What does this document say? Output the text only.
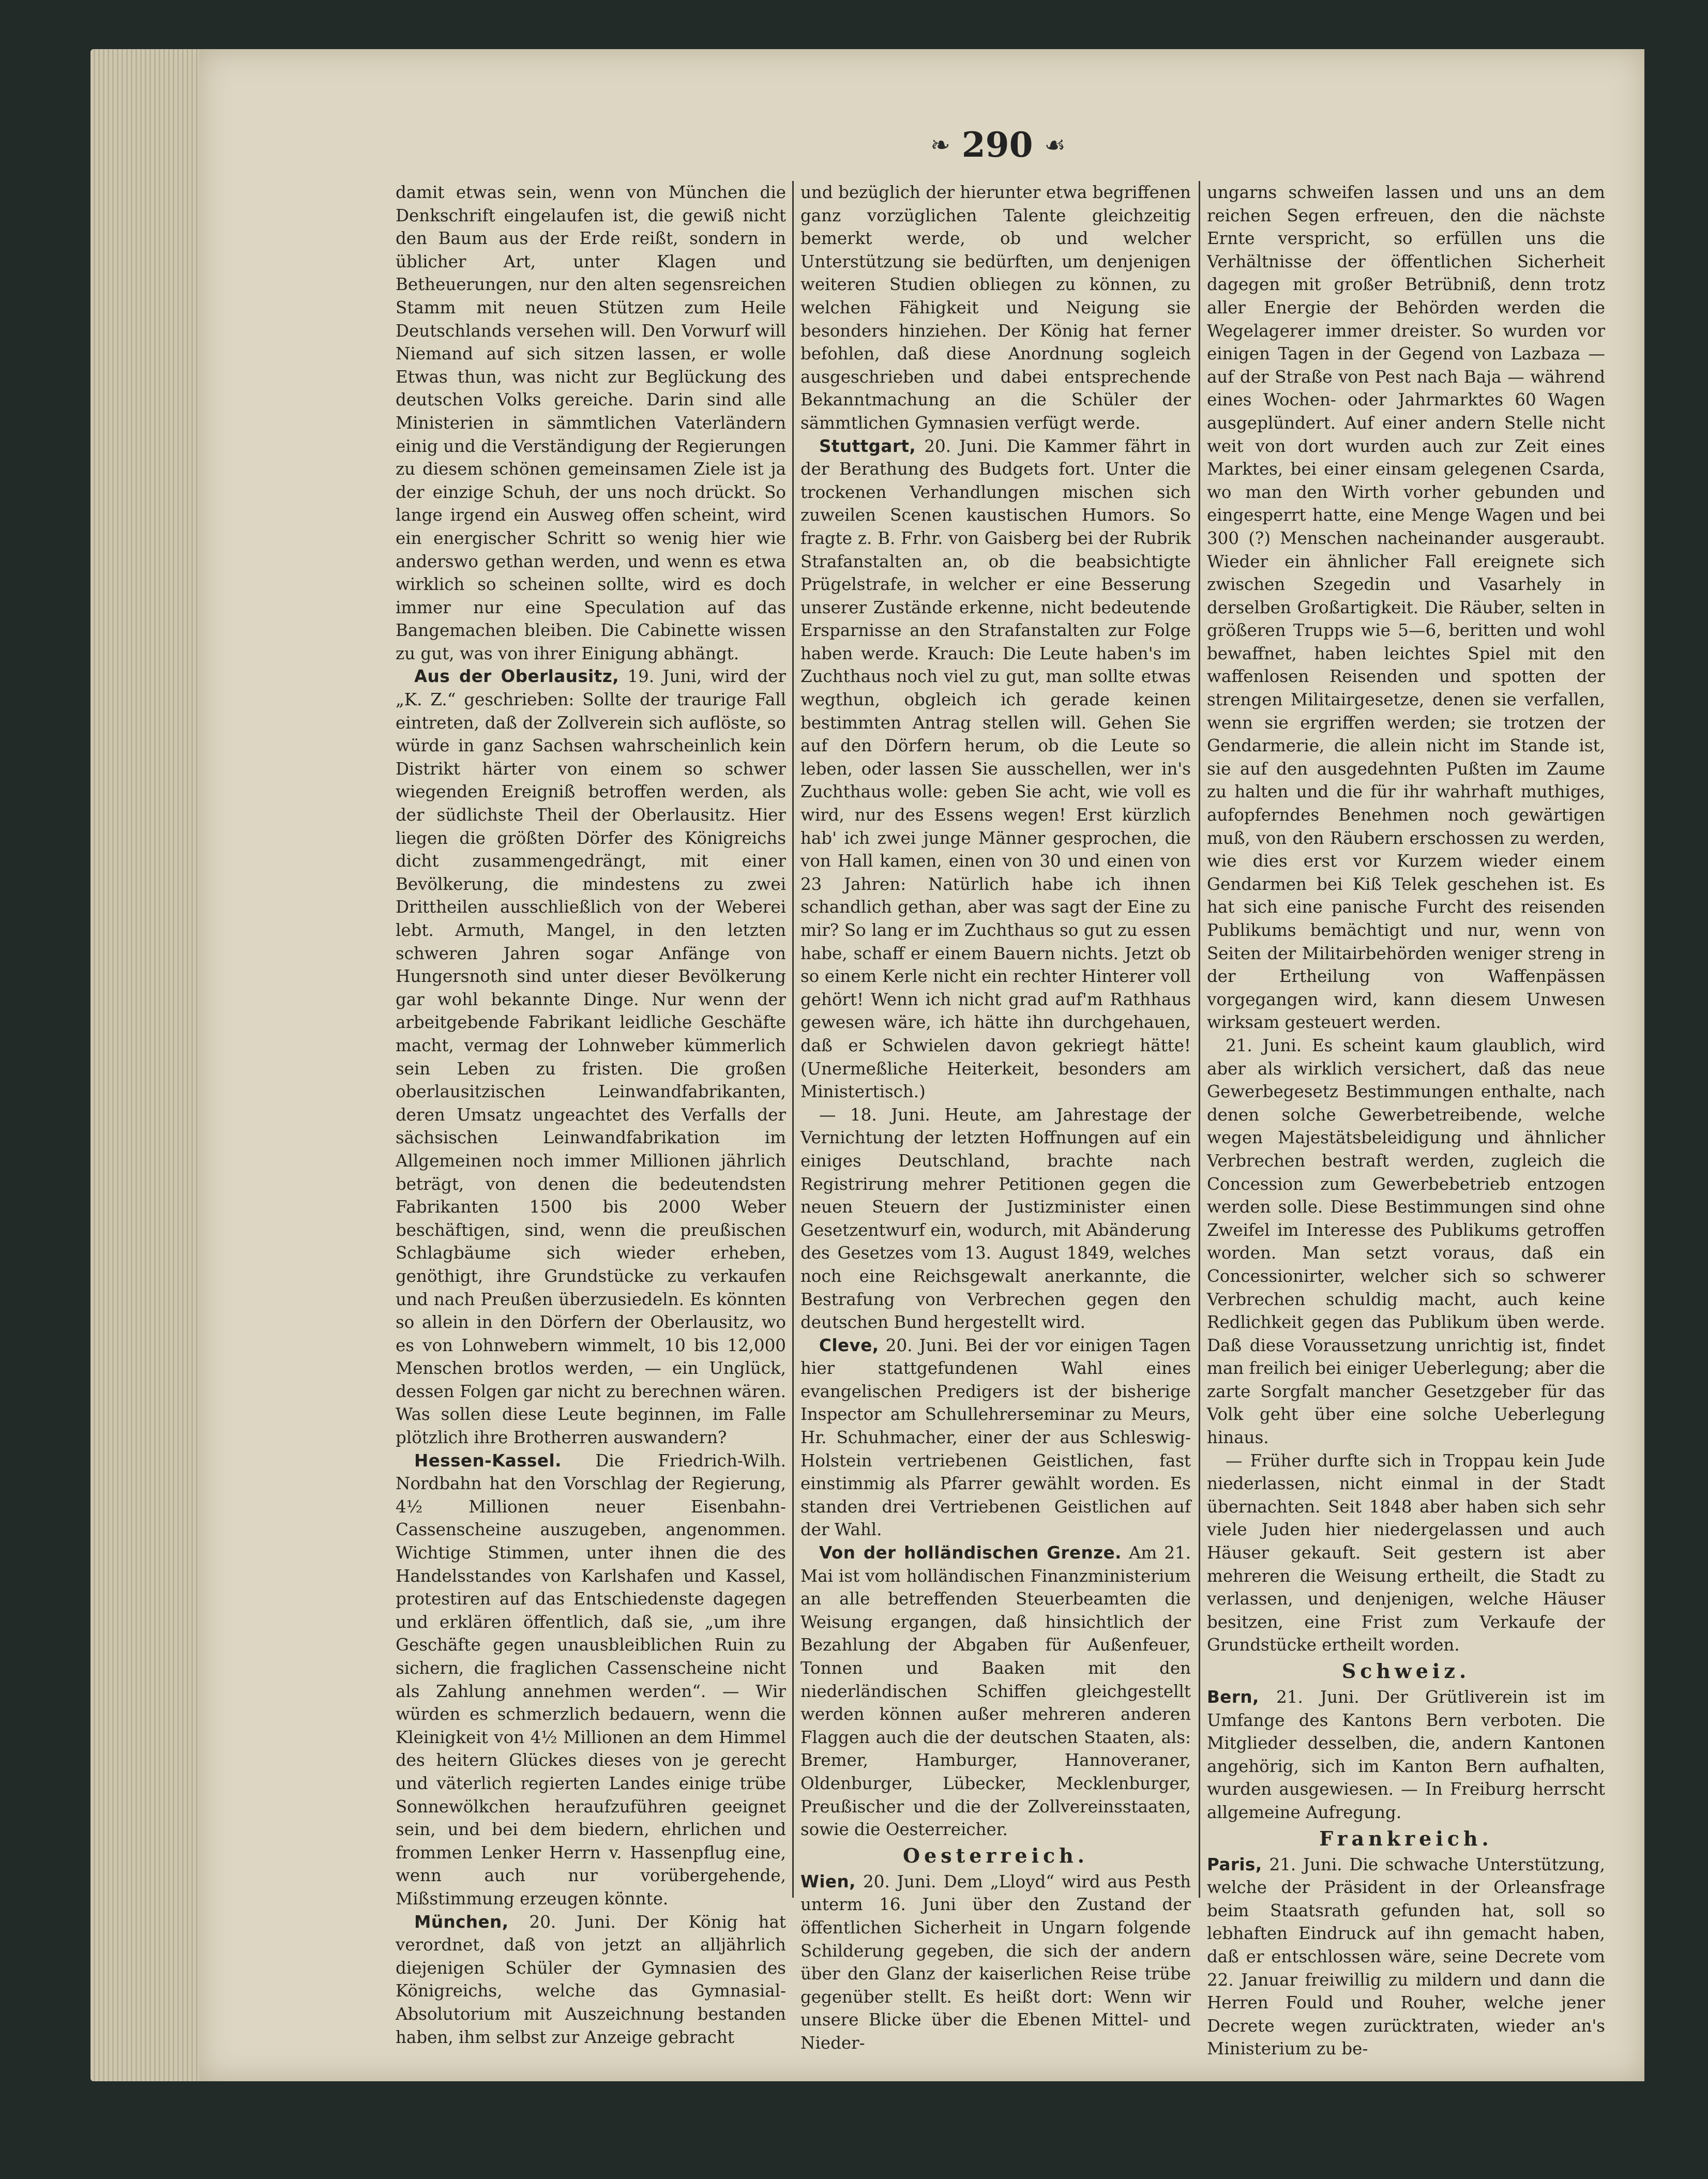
❧ 290 ☙

damit etwas sein, wenn von München die Denkschrift eingelaufen ist, die gewiß nicht den Baum aus der Erde reißt, sondern in üblicher Art, unter Klagen und Betheuerungen, nur den alten segensreichen Stamm mit neuen Stützen zum Heile Deutschlands versehen will. Den Vorwurf will Niemand auf sich sitzen lassen, er wolle Etwas thun, was nicht zur Beglückung des deutschen Volks gereiche. Darin sind alle Ministerien in sämmtlichen Vaterländern einig und die Verständigung der Regierungen zu diesem schönen gemeinsamen Ziele ist ja der einzige Schuh, der uns noch drückt. So lange irgend ein Ausweg offen scheint, wird ein energischer Schritt so wenig hier wie anderswo gethan werden, und wenn es etwa wirklich so scheinen sollte, wird es doch immer nur eine Speculation auf das Bangemachen bleiben. Die Cabinette wissen zu gut, was von ihrer Einigung abhängt.

Aus der Oberlausitz, 19. Juni, wird der „K. Z.“ geschrieben: Sollte der traurige Fall eintreten, daß der Zollverein sich auflöste, so würde in ganz Sachsen wahrscheinlich kein Distrikt härter von einem so schwer wiegenden Ereigniß betroffen werden, als der südlichste Theil der Oberlausitz. Hier liegen die größten Dörfer des Königreichs dicht zusammengedrängt, mit einer Bevölkerung, die mindestens zu zwei Drittheilen ausschließlich von der Weberei lebt. Armuth, Mangel, in den letzten schweren Jahren sogar Anfänge von Hungersnoth sind unter dieser Bevölkerung gar wohl bekannte Dinge. Nur wenn der arbeitgebende Fabrikant leidliche Geschäfte macht, vermag der Lohnweber kümmerlich sein Leben zu fristen. Die großen oberlausitzischen Leinwandfabrikanten, deren Umsatz ungeachtet des Verfalls der sächsischen Leinwandfabrikation im Allgemeinen noch immer Millionen jährlich beträgt, von denen die bedeutendsten Fabrikanten 1500 bis 2000 Weber beschäftigen, sind, wenn die preußischen Schlagbäume sich wieder erheben, genöthigt, ihre Grundstücke zu verkaufen und nach Preußen überzusiedeln. Es könnten so allein in den Dörfern der Oberlausitz, wo es von Lohnwebern wimmelt, 10 bis 12,000 Menschen brotlos werden, — ein Unglück, dessen Folgen gar nicht zu berechnen wären. Was sollen diese Leute beginnen, im Falle plötzlich ihre Brotherren auswandern?

Hessen-Kassel. Die Friedrich-Wilh. Nordbahn hat den Vorschlag der Regierung, 4½ Millionen neuer Eisenbahn-Cassenscheine auszugeben, angenommen. Wichtige Stimmen, unter ihnen die des Handelsstandes von Karlshafen und Kassel, protestiren auf das Entschiedenste dagegen und erklären öffentlich, daß sie, „um ihre Geschäfte gegen unausbleiblichen Ruin zu sichern, die fraglichen Cassenscheine nicht als Zahlung annehmen werden“. — Wir würden es schmerzlich bedauern, wenn die Kleinigkeit von 4½ Millionen an dem Himmel des heitern Glückes dieses von je gerecht und väterlich regierten Landes einige trübe Sonnewölkchen heraufzuführen geeignet sein, und bei dem biedern, ehrlichen und frommen Lenker Herrn v. Hassenpflug eine, wenn auch nur vorübergehende, Mißstimmung erzeugen könnte.

München, 20. Juni. Der König hat verordnet, daß von jetzt an alljährlich diejenigen Schüler der Gymnasien des Königreichs, welche das Gymnasial-Absolutorium mit Auszeichnung bestanden haben, ihm selbst zur Anzeige gebracht

und bezüglich der hierunter etwa begriffenen ganz vorzüglichen Talente gleichzeitig bemerkt werde, ob und welcher Unterstützung sie bedürften, um denjenigen weiteren Studien obliegen zu können, zu welchen Fähigkeit und Neigung sie besonders hinziehen. Der König hat ferner befohlen, daß diese Anordnung sogleich ausgeschrieben und dabei entsprechende Bekanntmachung an die Schüler der sämmtlichen Gymnasien verfügt werde.

Stuttgart, 20. Juni. Die Kammer fährt in der Berathung des Budgets fort. Unter die trockenen Verhandlungen mischen sich zuweilen Scenen kaustischen Humors. So fragte z. B. Frhr. von Gaisberg bei der Rubrik Strafanstalten an, ob die beabsichtigte Prügelstrafe, in welcher er eine Besserung unserer Zustände erkenne, nicht bedeutende Ersparnisse an den Strafanstalten zur Folge haben werde. Krauch: Die Leute haben's im Zuchthaus noch viel zu gut, man sollte etwas wegthun, obgleich ich gerade keinen bestimmten Antrag stellen will. Gehen Sie auf den Dörfern herum, ob die Leute so leben, oder lassen Sie ausschellen, wer in's Zuchthaus wolle: geben Sie acht, wie voll es wird, nur des Essens wegen! Erst kürzlich hab' ich zwei junge Männer gesprochen, die von Hall kamen, einen von 30 und einen von 23 Jahren: Natürlich habe ich ihnen schandlich gethan, aber was sagt der Eine zu mir? So lang er im Zuchthaus so gut zu essen habe, schaff er einem Bauern nichts. Jetzt ob so einem Kerle nicht ein rechter Hinterer voll gehört! Wenn ich nicht grad auf'm Rathhaus gewesen wäre, ich hätte ihn durchgehauen, daß er Schwielen davon gekriegt hätte! (Unermeßliche Heiterkeit, besonders am Ministertisch.)

— 18. Juni. Heute, am Jahrestage der Vernichtung der letzten Hoffnungen auf ein einiges Deutschland, brachte nach Registrirung mehrer Petitionen gegen die neuen Steuern der Justizminister einen Gesetzentwurf ein, wodurch, mit Abänderung des Gesetzes vom 13. August 1849, welches noch eine Reichsgewalt anerkannte, die Bestrafung von Verbrechen gegen den deutschen Bund hergestellt wird.

Cleve, 20. Juni. Bei der vor einigen Tagen hier stattgefundenen Wahl eines evangelischen Predigers ist der bisherige Inspector am Schullehrerseminar zu Meurs, Hr. Schuhmacher, einer der aus Schleswig-Holstein vertriebenen Geistlichen, fast einstimmig als Pfarrer gewählt worden. Es standen drei Vertriebenen Geistlichen auf der Wahl.

Von der holländischen Grenze. Am 21. Mai ist vom holländischen Finanzministerium an alle betreffenden Steuerbeamten die Weisung ergangen, daß hinsichtlich der Bezahlung der Abgaben für Außenfeuer, Tonnen und Baaken mit den niederländischen Schiffen gleichgestellt werden können außer mehreren anderen Flaggen auch die der deutschen Staaten, als: Bremer, Hamburger, Hannoveraner, Oldenburger, Lübecker, Mecklenburger, Preußischer und die der Zollvereinsstaaten, sowie die Oesterreicher.

Oesterreich.

Wien, 20. Juni. Dem „Lloyd“ wird aus Pesth unterm 16. Juni über den Zustand der öffentlichen Sicherheit in Ungarn folgende Schilderung gegeben, die sich der andern über den Glanz der kaiserlichen Reise trübe gegenüber stellt. Es heißt dort: Wenn wir unsere Blicke über die Ebenen Mittel- und Nieder-

ungarns schweifen lassen und uns an dem reichen Segen erfreuen, den die nächste Ernte verspricht, so erfüllen uns die Verhältnisse der öffentlichen Sicherheit dagegen mit großer Betrübniß, denn trotz aller Energie der Behörden werden die Wegelagerer immer dreister. So wurden vor einigen Tagen in der Gegend von Lazbaza — auf der Straße von Pest nach Baja — während eines Wochen- oder Jahrmarktes 60 Wagen ausgeplündert. Auf einer andern Stelle nicht weit von dort wurden auch zur Zeit eines Marktes, bei einer einsam gelegenen Csarda, wo man den Wirth vorher gebunden und eingesperrt hatte, eine Menge Wagen und bei 300 (?) Menschen nacheinander ausgeraubt. Wieder ein ähnlicher Fall ereignete sich zwischen Szegedin und Vasarhely in derselben Großartigkeit. Die Räuber, selten in größeren Trupps wie 5—6, beritten und wohl bewaffnet, haben leichtes Spiel mit den waffenlosen Reisenden und spotten der strengen Militairgesetze, denen sie verfallen, wenn sie ergriffen werden; sie trotzen der Gendarmerie, die allein nicht im Stande ist, sie auf den ausgedehnten Pußten im Zaume zu halten und die für ihr wahrhaft muthiges, aufopferndes Benehmen noch gewärtigen muß, von den Räubern erschossen zu werden, wie dies erst vor Kurzem wieder einem Gendarmen bei Kiß Telek geschehen ist. Es hat sich eine panische Furcht des reisenden Publikums bemächtigt und nur, wenn von Seiten der Militairbehörden weniger streng in der Ertheilung von Waffenpässen vorgegangen wird, kann diesem Unwesen wirksam gesteuert werden.

21. Juni. Es scheint kaum glaublich, wird aber als wirklich versichert, daß das neue Gewerbegesetz Bestimmungen enthalte, nach denen solche Gewerbetreibende, welche wegen Majestätsbeleidigung und ähnlicher Verbrechen bestraft werden, zugleich die Concession zum Gewerbebetrieb entzogen werden solle. Diese Bestimmungen sind ohne Zweifel im Interesse des Publikums getroffen worden. Man setzt voraus, daß ein Concessionirter, welcher sich so schwerer Verbrechen schuldig macht, auch keine Redlichkeit gegen das Publikum üben werde. Daß diese Voraussetzung unrichtig ist, findet man freilich bei einiger Ueberlegung; aber die zarte Sorgfalt mancher Gesetzgeber für das Volk geht über eine solche Ueberlegung hinaus.

— Früher durfte sich in Troppau kein Jude niederlassen, nicht einmal in der Stadt übernachten. Seit 1848 aber haben sich sehr viele Juden hier niedergelassen und auch Häuser gekauft. Seit gestern ist aber mehreren die Weisung ertheilt, die Stadt zu verlassen, und denjenigen, welche Häuser besitzen, eine Frist zum Verkaufe der Grundstücke ertheilt worden.

Schweiz.

Bern, 21. Juni. Der Grütliverein ist im Umfange des Kantons Bern verboten. Die Mitglieder desselben, die, andern Kantonen angehörig, sich im Kanton Bern aufhalten, wurden ausgewiesen. — In Freiburg herrscht allgemeine Aufregung.

Frankreich.

Paris, 21. Juni. Die schwache Unterstützung, welche der Präsident in der Orleansfrage beim Staatsrath gefunden hat, soll so lebhaften Eindruck auf ihn gemacht haben, daß er entschlossen wäre, seine Decrete vom 22. Januar freiwillig zu mildern und dann die Herren Fould und Rouher, welche jener Decrete wegen zurücktraten, wieder an's Ministerium zu be-
